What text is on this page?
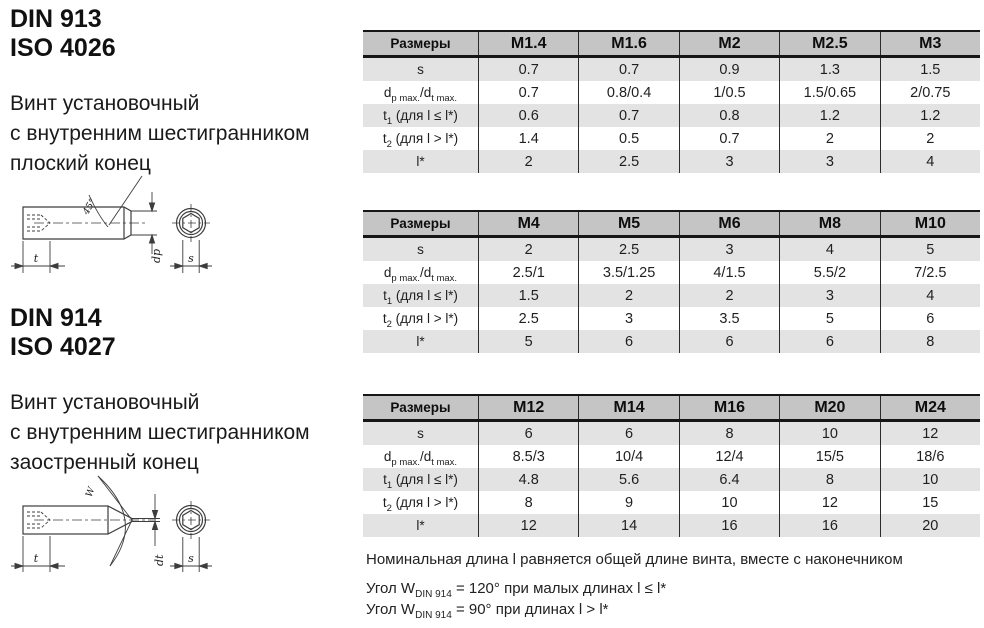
DIN 913
ISO 4026
Винт установочный
с внутренним шестигранником
плоский конец
45°
t	dp s
DIN 914
ISO 4027
Винт установочный
с внутренним шестигранником
заостренный конец
W
t	dt s
Размеры	M1.4	M1.6	M2	M2.5	M3
s	0.7	0.7	0.9	1.3	1.5
$d_{p max.}/d_{t max.}$	0.7	0.8/0.4	1/0.5	1.5/0.65	2/0.75
$t_1$ (для l ≤ l*)	0.6	0.7	0.8	1.2	1.2
$t_2$ (для l > l*)	1.4	0.5	0.7	2	2
l*	2	2.5	3	3	4
Размеры	M4	M5	M6	M8	M10
s	2	2.5	3	4	5
$d_{p max.}/d_{t max.}$	2.5/1	3.5/1.25	4/1.5	5.5/2	7/2.5
$t_1$ (для l ≤ l*)	1.5	2	2	3	4
$t_2$ (для l > l*)	2.5	3	3.5	5	6
l*	5	6	6	6	8
Размеры	M12	M14	M16	M20	M24
s	6	6	8	10	12
$d_{p max.}/d_{t max.}$	8.5/3	10/4	12/4	15/5	18/6
$t_1$ (для l ≤ l*)	4.8	5.6	6.4	8	10
$t_2$ (для l > l*)	8	9	10	12	15
l*	12	14	16	16	20
Номинальная длина l равняется общей длине винта, вместе с наконечником
Угол $W_{DIN 914} = 120^\circ$ при малых длинах l ≤ l*
Угол $W_{DIN 914} = 90^\circ$ при длинах l > l*
